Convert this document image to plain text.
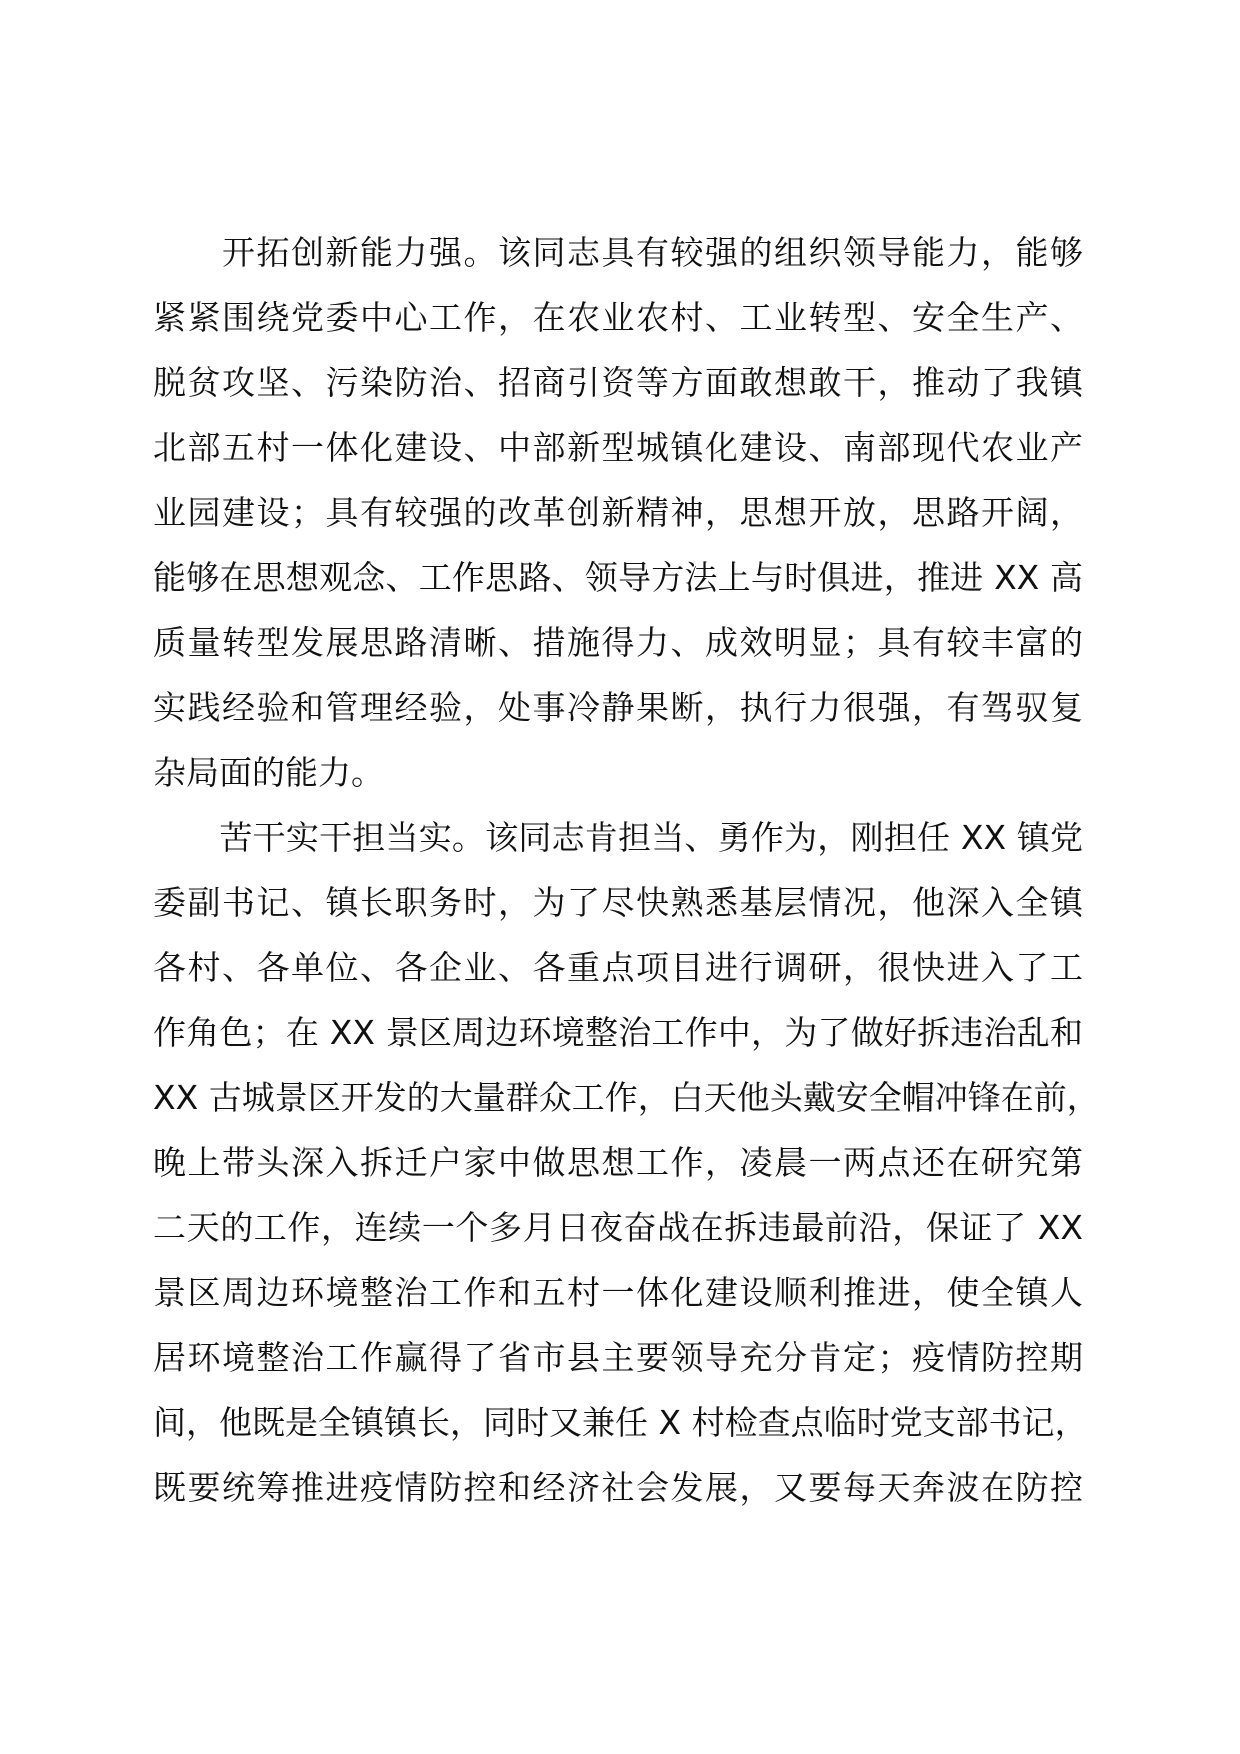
　　开拓创新能力强。该同志具有较强的组织领导能力，能够
紧紧围绕党委中心工作，在农业农村、工业转型、安全生产、
脱贫攻坚、污染防治、招商引资等方面敢想敢干，推动了我镇
北部五村一体化建设、中部新型城镇化建设、南部现代农业产
业园建设；具有较强的改革创新精神，思想开放，思路开阔，
能够在思想观念、工作思路、领导方法上与时俱进，推进 XX 高
质量转型发展思路清晰、措施得力、成效明显；具有较丰富的
实践经验和管理经验，处事冷静果断，执行力很强，有驾驭复
杂局面的能力。
　　苦干实干担当实。该同志肯担当、勇作为，刚担任 XX 镇党
委副书记、镇长职务时，为了尽快熟悉基层情况，他深入全镇
各村、各单位、各企业、各重点项目进行调研，很快进入了工
作角色；在 XX 景区周边环境整治工作中，为了做好拆违治乱和
XX 古城景区开发的大量群众工作，白天他头戴安全帽冲锋在前，
晚上带头深入拆迁户家中做思想工作，凌晨一两点还在研究第
二天的工作，连续一个多月日夜奋战在拆违最前沿，保证了 XX
景区周边环境整治工作和五村一体化建设顺利推进，使全镇人
居环境整治工作赢得了省市县主要领导充分肯定；疫情防控期
间，他既是全镇镇长，同时又兼任 X 村检查点临时党支部书记，
既要统筹推进疫情防控和经济社会发展，又要每天奔波在防控
